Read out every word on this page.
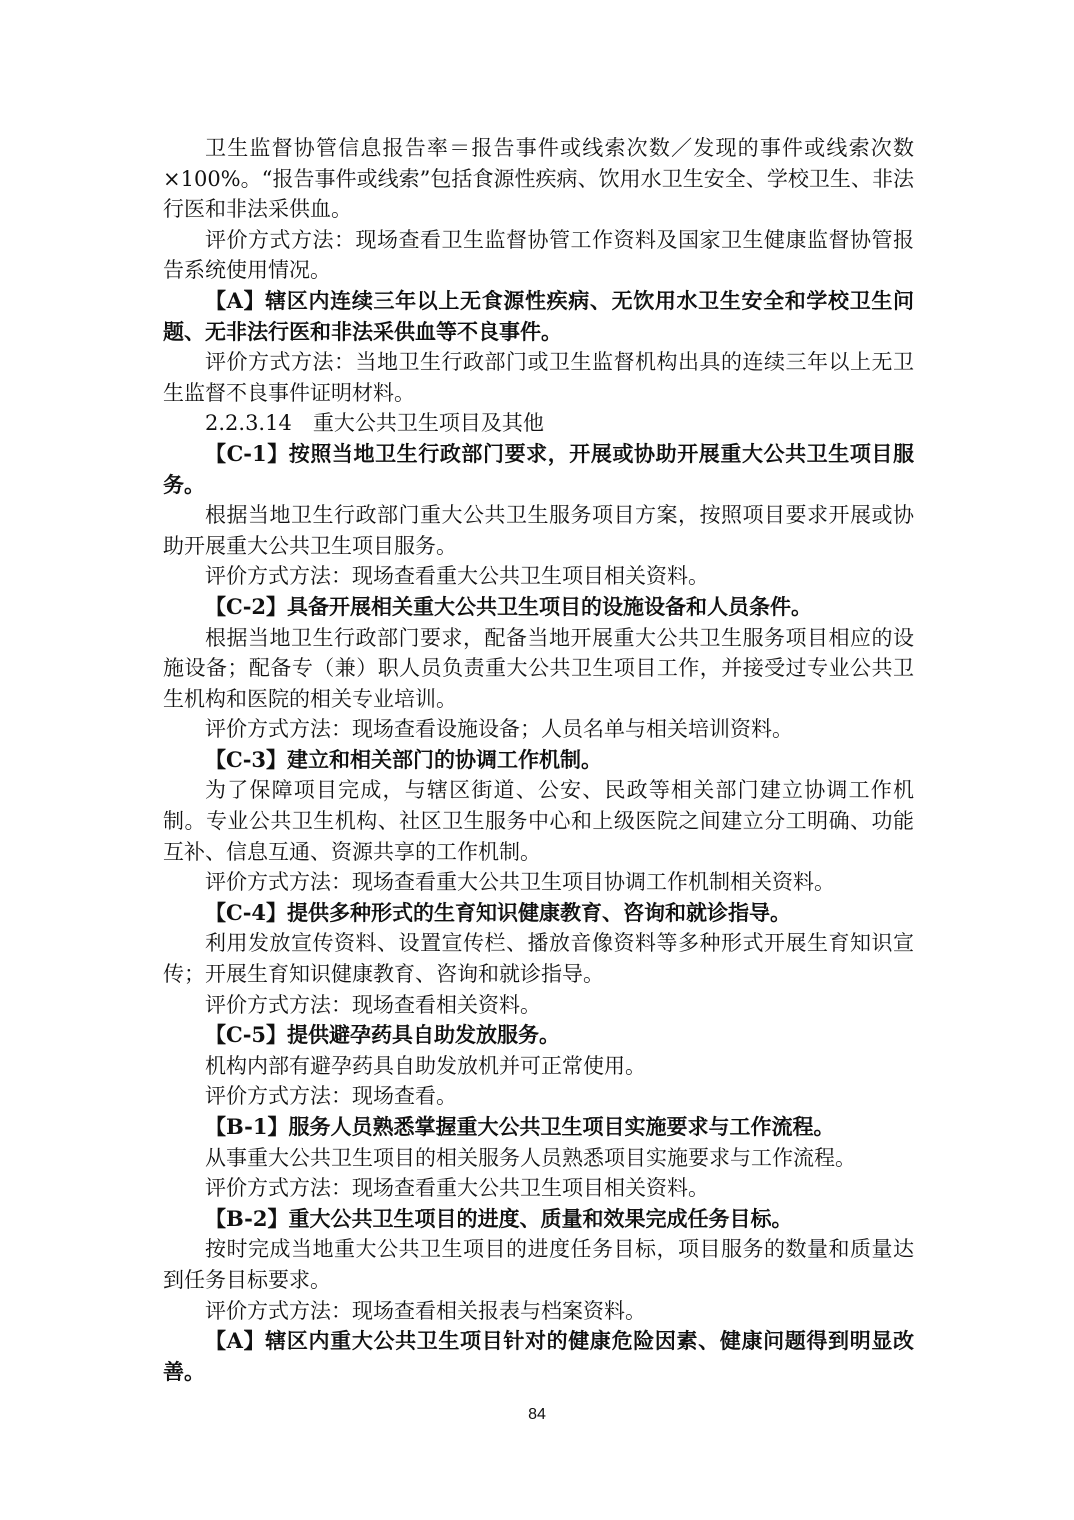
卫生监督协管信息报告率＝报告事件或线索次数／发现的事件或线索次数×100%。“报告事件或线索”包括食源性疾病、饮用水卫生安全、学校卫生、非法行医和非法采供血。

评价方式方法：现场查看卫生监督协管工作资料及国家卫生健康监督协管报告系统使用情况。

【A】辖区内连续三年以上无食源性疾病、无饮用水卫生安全和学校卫生问题、无非法行医和非法采供血等不良事件。

评价方式方法：当地卫生行政部门或卫生监督机构出具的连续三年以上无卫生监督不良事件证明材料。

2.2.3.14　重大公共卫生项目及其他

【C-1】按照当地卫生行政部门要求，开展或协助开展重大公共卫生项目服务。

根据当地卫生行政部门重大公共卫生服务项目方案，按照项目要求开展或协助开展重大公共卫生项目服务。

评价方式方法：现场查看重大公共卫生项目相关资料。

【C-2】具备开展相关重大公共卫生项目的设施设备和人员条件。

根据当地卫生行政部门要求，配备当地开展重大公共卫生服务项目相应的设施设备；配备专（兼）职人员负责重大公共卫生项目工作，并接受过专业公共卫生机构和医院的相关专业培训。

评价方式方法：现场查看设施设备；人员名单与相关培训资料。

【C-3】建立和相关部门的协调工作机制。

为了保障项目完成，与辖区街道、公安、民政等相关部门建立协调工作机制。专业公共卫生机构、社区卫生服务中心和上级医院之间建立分工明确、功能互补、信息互通、资源共享的工作机制。

评价方式方法：现场查看重大公共卫生项目协调工作机制相关资料。

【C-4】提供多种形式的生育知识健康教育、咨询和就诊指导。

利用发放宣传资料、设置宣传栏、播放音像资料等多种形式开展生育知识宣传；开展生育知识健康教育、咨询和就诊指导。

评价方式方法：现场查看相关资料。

【C-5】提供避孕药具自助发放服务。

机构内部有避孕药具自助发放机并可正常使用。

评价方式方法：现场查看。

【B-1】服务人员熟悉掌握重大公共卫生项目实施要求与工作流程。

从事重大公共卫生项目的相关服务人员熟悉项目实施要求与工作流程。

评价方式方法：现场查看重大公共卫生项目相关资料。

【B-2】重大公共卫生项目的进度、质量和效果完成任务目标。

按时完成当地重大公共卫生项目的进度任务目标，项目服务的数量和质量达到任务目标要求。

评价方式方法：现场查看相关报表与档案资料。

【A】辖区内重大公共卫生项目针对的健康危险因素、健康问题得到明显改善。

84
